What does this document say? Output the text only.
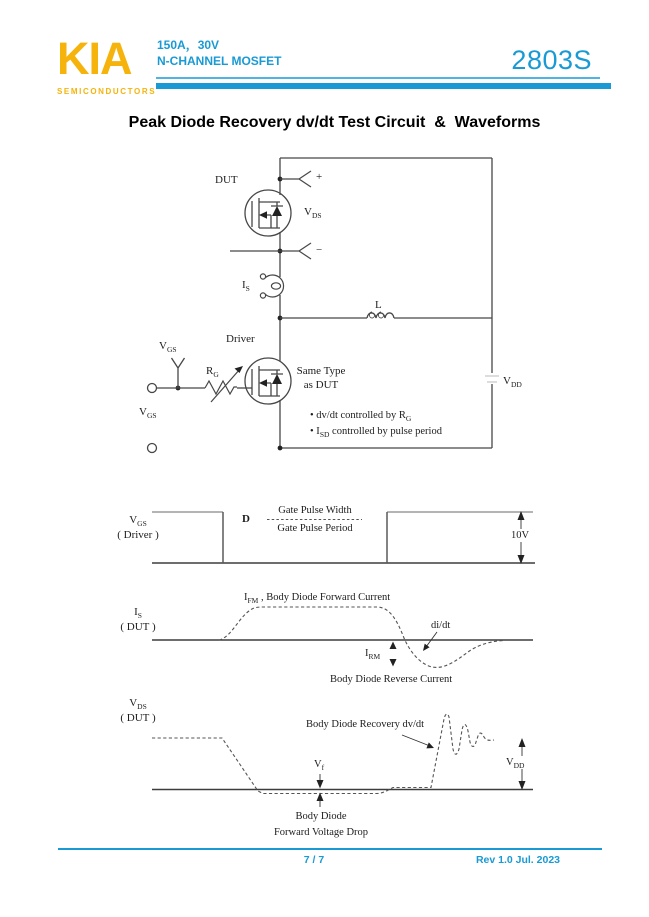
KIA
SEMICONDUCTORS
150A，30V
N-CHANNEL MOSFET	2803S
Peak Diode Recovery dv/dt Test Circuit  &  Waveforms
DUT
$V_{DS}$
+
−
$I_S$
L
Driver
$V_{GS}$
$R_G$	Same Type
as DUT
$V_{GS}$
$V_{DD}$
• dv/dt controlled by $R_G$
• $I_{SD}$ controlled by pulse period
$V_{GS}$
( Driver )
D
Gate Pulse Width
Gate Pulse Period
10V
$I_S$
( DUT )
$I_{FM}$ , Body Diode Forward Current
di/dt
$I_{RM}$
Body Diode Reverse Current
$V_{DS}$
( DUT )
Body Diode Recovery dv/dt
$V_f$	$V_{DD}$
Body Diode
Forward Voltage Drop
7 / 7	Rev 1.0 Jul. 2023
